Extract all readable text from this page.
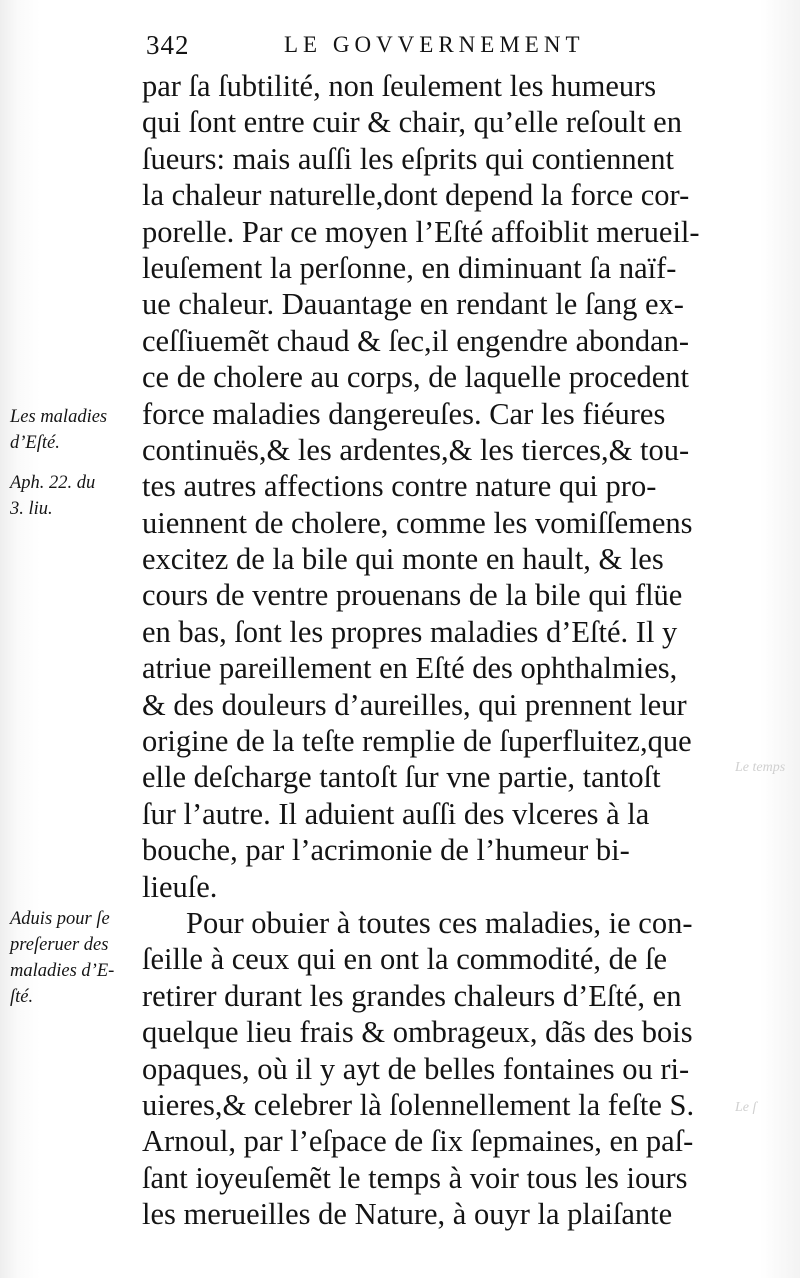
342	LE GOVVERNEMENT
par ſa ſubtilité, non ſeulement les humeurs
qui ſont entre cuir & chair, qu’elle reſoult en
ſueurs: mais auſſi les eſprits qui contiennent
la chaleur naturelle,dont depend la force cor-
porelle. Par ce moyen l’Eſté affoiblit merueil-
leuſement la perſonne, en diminuant ſa naïf-
ue chaleur. Dauantage en rendant le ſang ex-
ceſſiuemẽt chaud & ſec,il engendre abondan-
ce de cholere au corps, de laquelle procedent
force maladies dangereuſes. Car les fiéures
continuës,& les ardentes,& les tierces,& tou-
tes autres affections contre nature qui pro-
uiennent de cholere, comme les vomiſſemens
excitez de la bile qui monte en hault, & les
cours de ventre prouenans de la bile qui flüe
en bas, ſont les propres maladies d’Eſté. Il y
atriue pareillement en Eſté des ophthalmies,
& des douleurs d’aureilles, qui prennent leur
origine de la teſte remplie de ſuperfluitez,que
elle deſcharge tantoſt ſur vne partie, tantoſt
ſur l’autre. Il aduient auſſi des vlceres à la
bouche, par l’acrimonie de l’humeur bi-
lieuſe.
Pour obuier à toutes ces maladies, ie con-
ſeille à ceux qui en ont la commodité, de ſe
retirer durant les grandes chaleurs d’Eſté, en
quelque lieu frais & ombrageux, dãs des bois
opaques, où il y ayt de belles fontaines ou ri-
uieres,& celebrer là ſolennellement la feſte S.
Arnoul, par l’eſpace de ſix ſepmaines, en paſ-
ſant ioyeuſemẽt le temps à voir tous les iours
les merueilles de Nature, à ouyr la plaiſante
Les maladies
d’Eſté.
Aph. 22. du
3. liu.
Aduis pour ſe
preſeruer des
maladies d’E-
ſté.
Le temps
Le ſ
